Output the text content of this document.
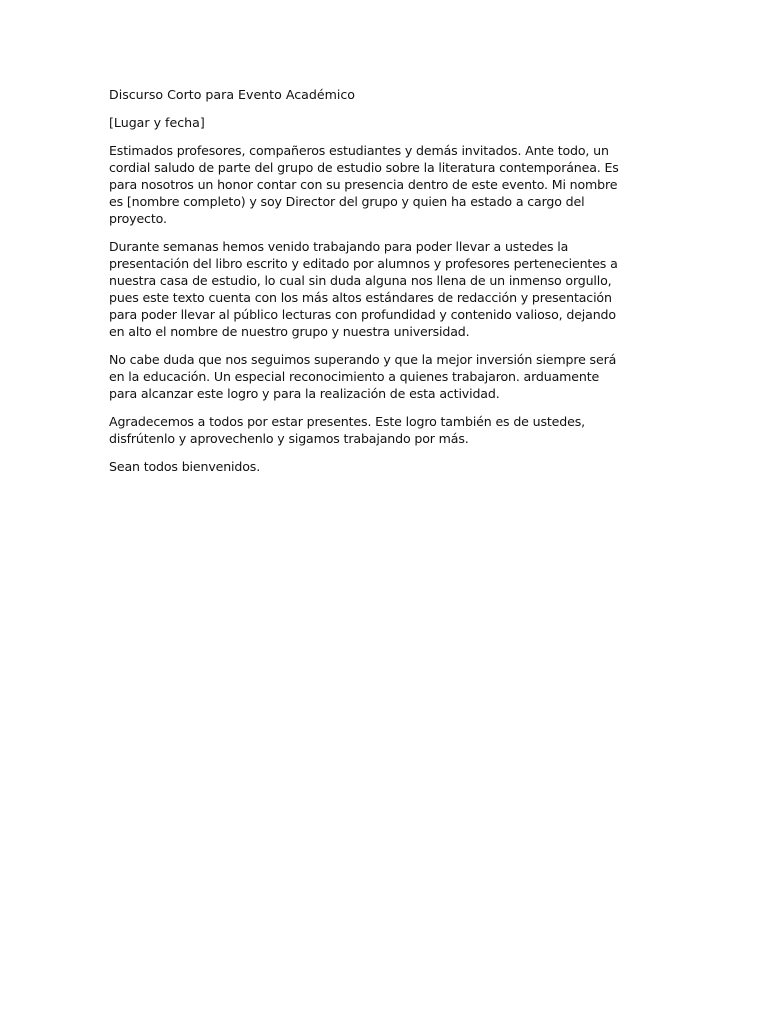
Discurso Corto para Evento Académico

[Lugar y fecha]

Estimados profesores, compañeros estudiantes y demás invitados. Ante todo, un cordial saludo de parte del grupo de estudio sobre la literatura contemporánea. Es para nosotros un honor contar con su presencia dentro de este evento. Mi nombre es [nombre completo) y soy Director del grupo y quien ha estado a cargo del proyecto.

Durante semanas hemos venido trabajando para poder llevar a ustedes la presentación del libro escrito y editado por alumnos y profesores pertenecientes a nuestra casa de estudio, lo cual sin duda alguna nos llena de un inmenso orgullo, pues este texto cuenta con los más altos estándares de redacción y presentación para poder llevar al público lecturas con profundidad y contenido valioso, dejando en alto el nombre de nuestro grupo y nuestra universidad.

No cabe duda que nos seguimos superando y que la mejor inversión siempre será en la educación. Un especial reconocimiento a quienes trabajaron. arduamente para alcanzar este logro y para la realización de esta actividad.

Agradecemos a todos por estar presentes. Este logro también es de ustedes, disfrútenlo y aprovechenlo y sigamos trabajando por más.

Sean todos bienvenidos.
